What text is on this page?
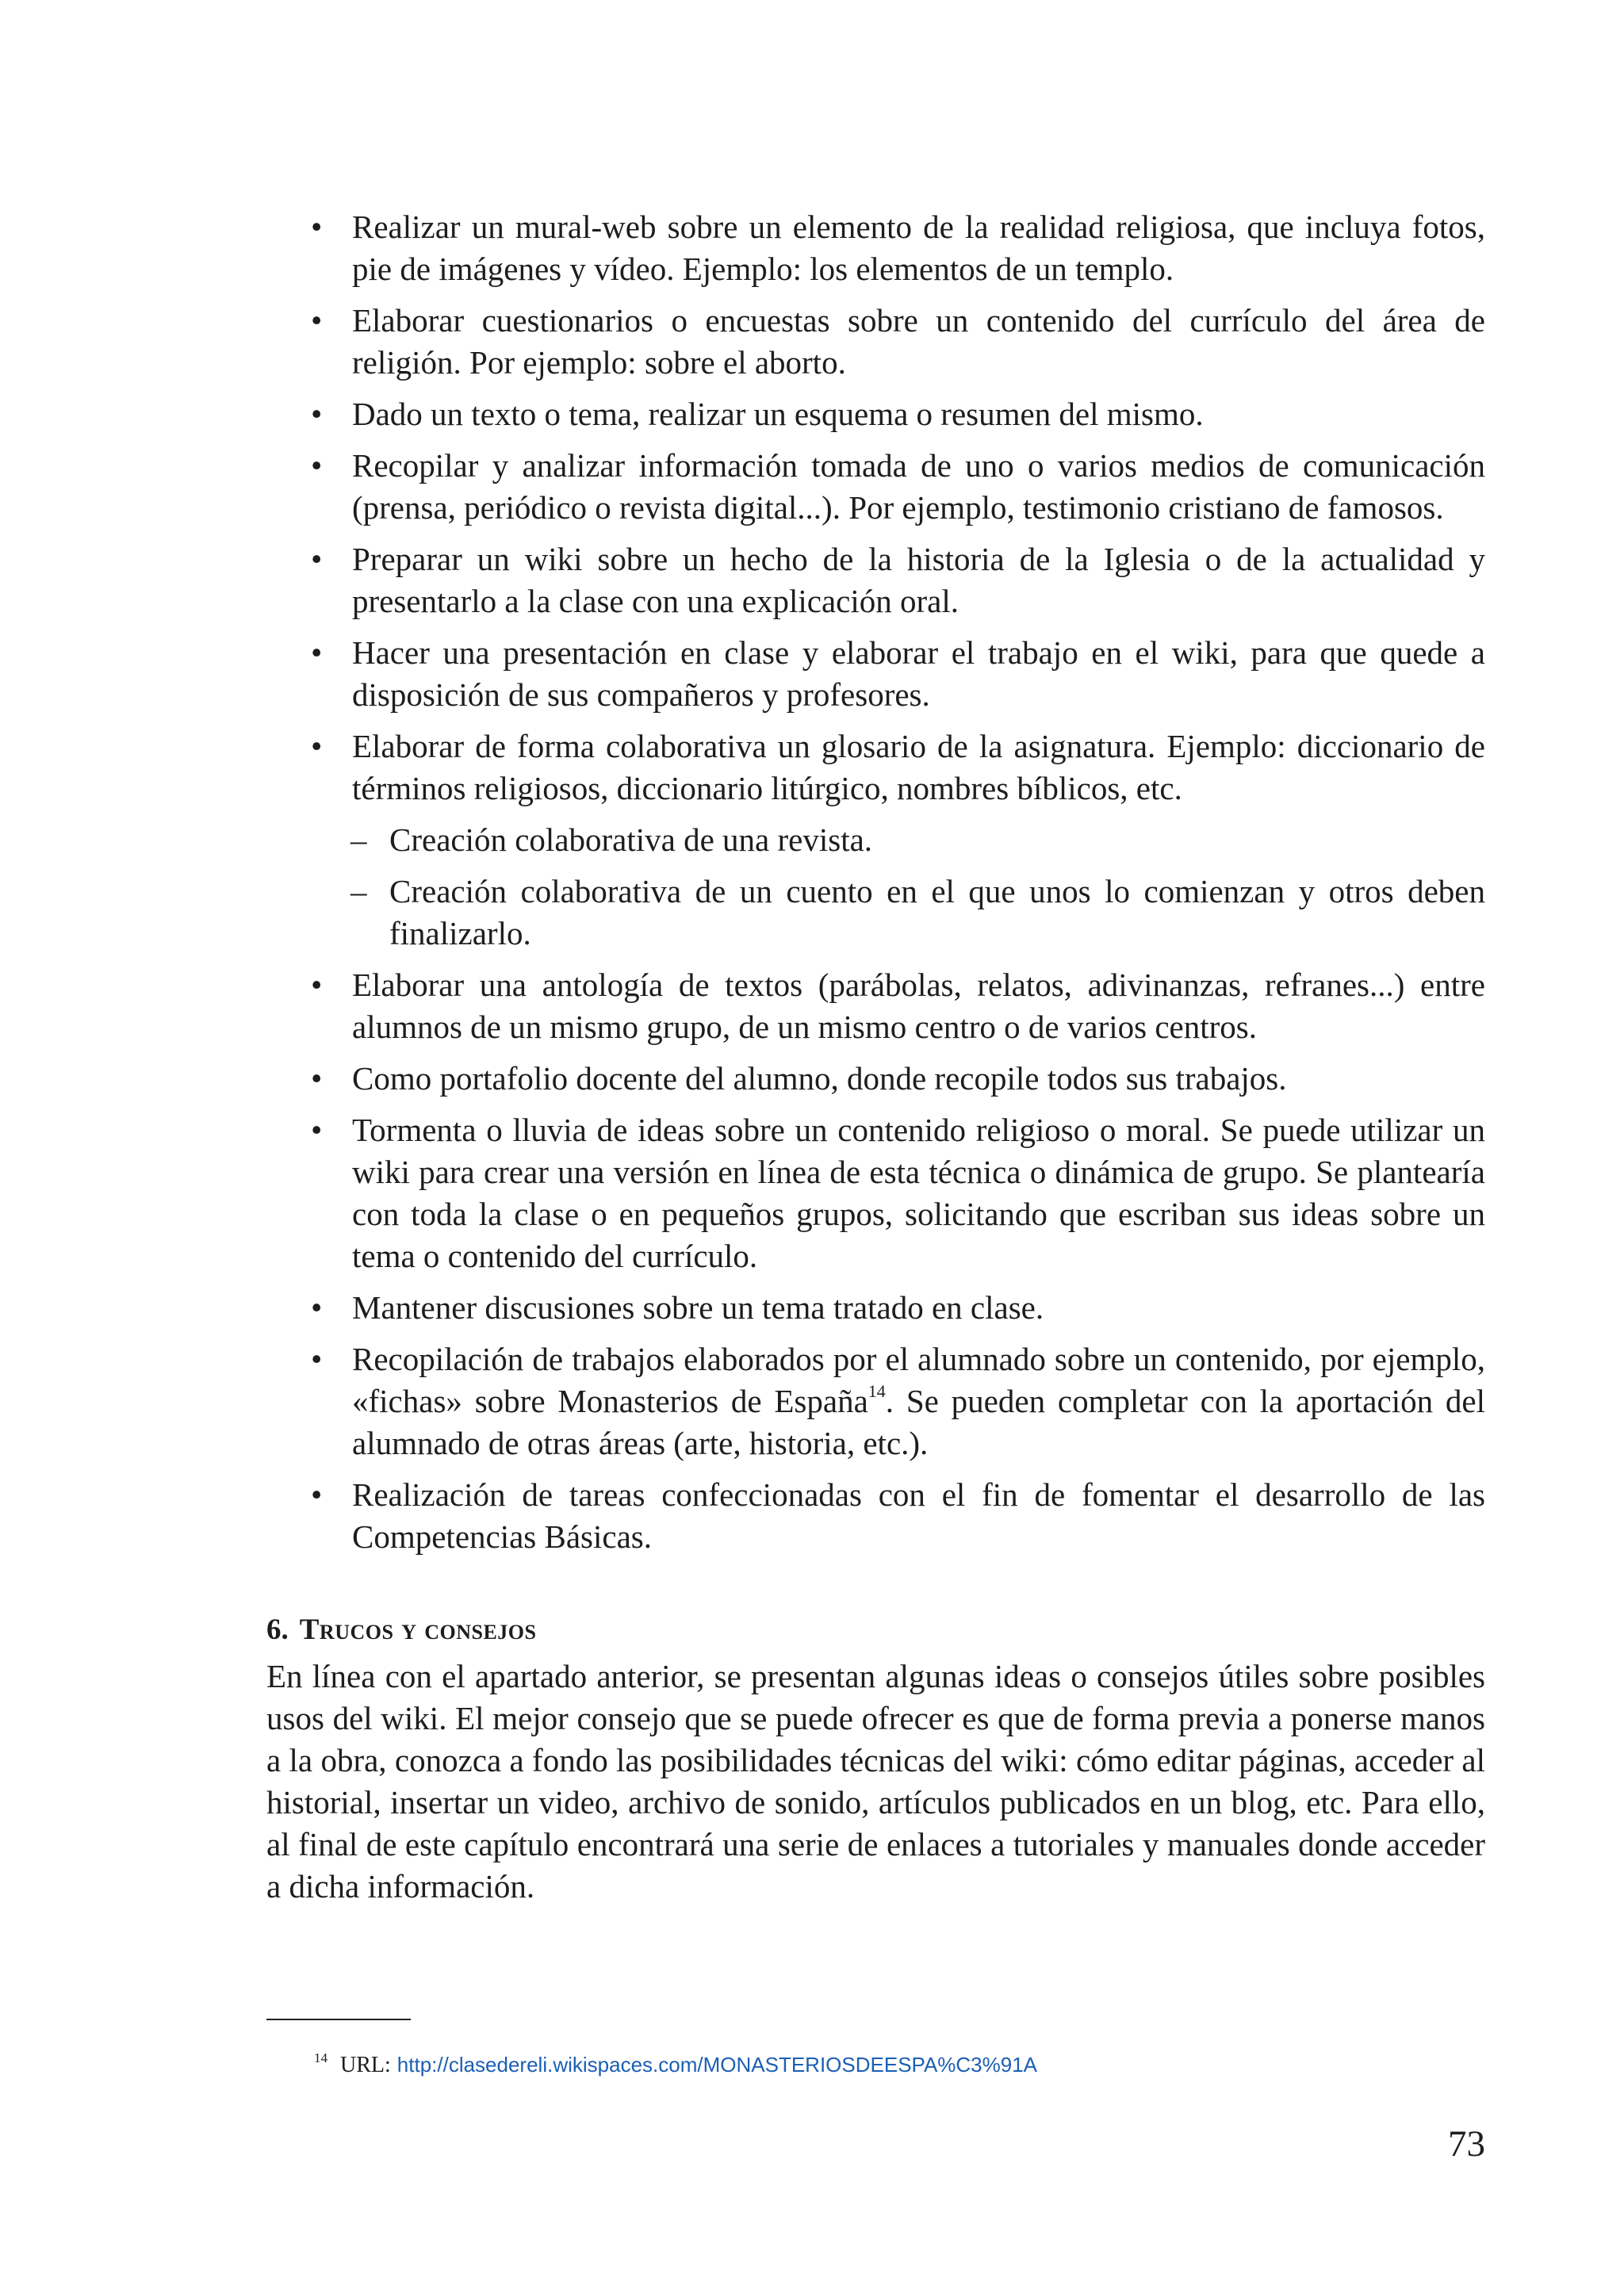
• Realizar un mural-web sobre un elemento de la realidad religiosa, que incluya fotos, pie de imágenes y vídeo. Ejemplo: los elementos de un templo.
• Elaborar cuestionarios o encuestas sobre un contenido del currículo del área de religión. Por ejemplo: sobre el aborto.
• Dado un texto o tema, realizar un esquema o resumen del mismo.
• Recopilar y analizar información tomada de uno o varios medios de comunicación (prensa, periódico o revista digital...). Por ejemplo, testimonio cristiano de famosos.
• Preparar un wiki sobre un hecho de la historia de la Iglesia o de la actualidad y presentarlo a la clase con una explicación oral.
• Hacer una presentación en clase y elaborar el trabajo en el wiki, para que quede a disposición de sus compañeros y profesores.
• Elaborar de forma colaborativa un glosario de la asignatura. Ejemplo: diccionario de términos religiosos, diccionario litúrgico, nombres bíblicos, etc.
– Creación colaborativa de una revista.
– Creación colaborativa de un cuento en el que unos lo comienzan y otros deben finalizarlo.
• Elaborar una antología de textos (parábolas, relatos, adivinanzas, refranes...) entre alumnos de un mismo grupo, de un mismo centro o de varios centros.
• Como portafolio docente del alumno, donde recopile todos sus trabajos.
• Tormenta o lluvia de ideas sobre un contenido religioso o moral. Se puede utilizar un wiki para crear una versión en línea de esta técnica o dinámica de grupo. Se plantearía con toda la clase o en pequeños grupos, solicitando que escriban sus ideas sobre un tema o contenido del currículo.
• Mantener discusiones sobre un tema tratado en clase.
• Recopilación de trabajos elaborados por el alumnado sobre un contenido, por ejemplo, «fichas» sobre Monasterios de España$^{14}$. Se pueden completar con la aportación del alumnado de otras áreas (arte, historia, etc.).
• Realización de tareas confeccionadas con el fin de fomentar el desarrollo de las Competencias Básicas.
6. Trucos y consejos

En línea con el apartado anterior, se presentan algunas ideas o consejos útiles sobre posibles usos del wiki. El mejor consejo que se puede ofrecer es que de forma previa a ponerse manos a la obra, conozca a fondo las posibilidades técnicas del wiki: cómo editar páginas, acceder al historial, insertar un video, archivo de sonido, artículos publicados en un blog, etc. Para ello, al final de este capítulo encontrará una serie de enlaces a tutoriales y manuales donde acceder a dicha información.

$^{14}$ URL: http://clasedereli.wikispaces.com/MONASTERIOSDEESPA%C3%91A
73
